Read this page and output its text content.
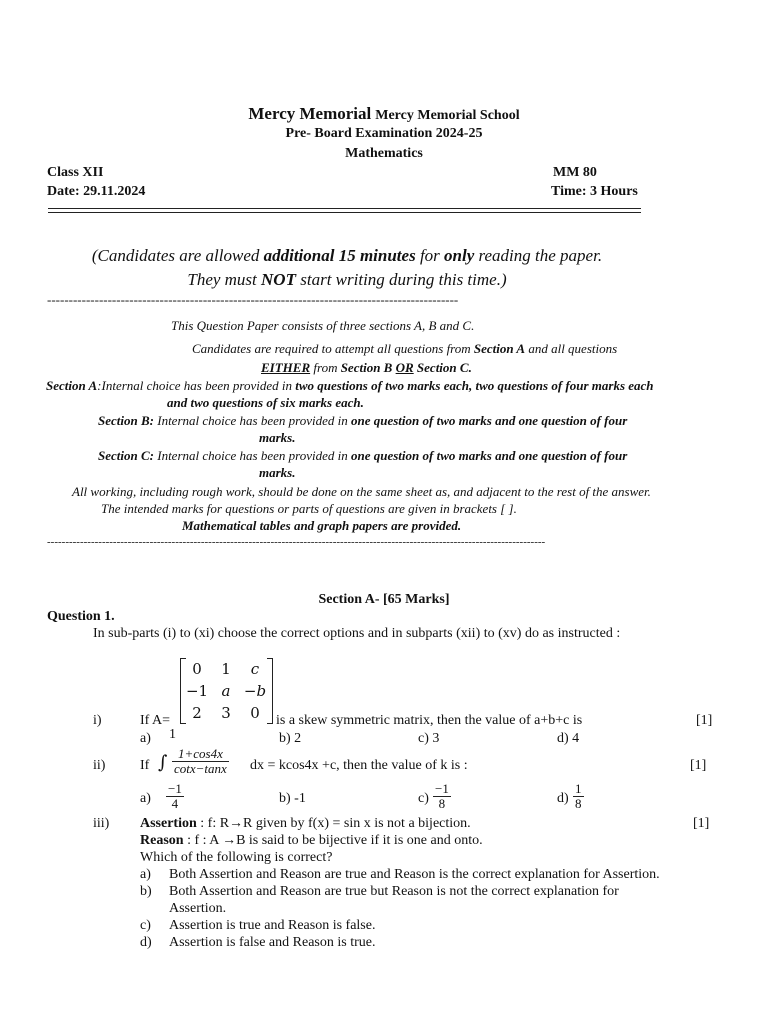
Mercy Memorial Mercy Memorial School
Pre- Board Examination 2024-25
Mathematics
Class XII	MM 80
Date: 29.11.2024	Time: 3 Hours
(Candidates are allowed additional 15 minutes for only reading the paper.
They must NOT start writing during this time.)
-----------------------------------------------------------------------------------------------
This Question Paper consists of three sections A, B and C.
Candidates are required to attempt all questions from Section A and all questions
EITHER from Section B OR Section C.
Section A:Internal choice has been provided in two questions of two marks each, two questions of four marks each
and two questions of six marks each.
Section B: Internal choice has been provided in one question of two marks and one question of four
marks.
Section C: Internal choice has been provided in one question of two marks and one question of four
marks.
All working, including rough work, should be done on the same sheet as, and adjacent to the rest of the answer.
The intended marks for questions or parts of questions are given in brackets [ ].
Mathematical tables and graph papers are provided.
----------------------------------------------------------------------------------------------------------------------------------------
Section A- [65 Marks]
Question 1.
In sub-parts (i) to (xi) choose the correct options and in subparts (xii) to (xv) do as instructed :
0	1	c
−1 a −b
2	3	0
i)	If A=	is a skew symmetric matrix, then the value of a+b+c is	[1]
a) 1	b) 2	c) 3	d) 4
ii) If ∫ $\frac{1+\cos 4x}{\cot x-\tan x}$ dx = kcos4x +c, then the value of k is :	[1]
$a) \frac{-1}{4}$	b) -1	$c) \frac{-1}{8}$	$d) \frac{1}{8}$
iii) Assertion : f: R→R given by f(x) = sin x is not a bijection.	[1]
Reason : f : A →B is said to be bijective if it is one and onto.
Which of the following is correct?
a) Both Assertion and Reason are true and Reason is the correct explanation for Assertion.
b) Both Assertion and Reason are true but Reason is not the correct explanation for
Assertion.
c) Assertion is true and Reason is false.
d) Assertion is false and Reason is true.
